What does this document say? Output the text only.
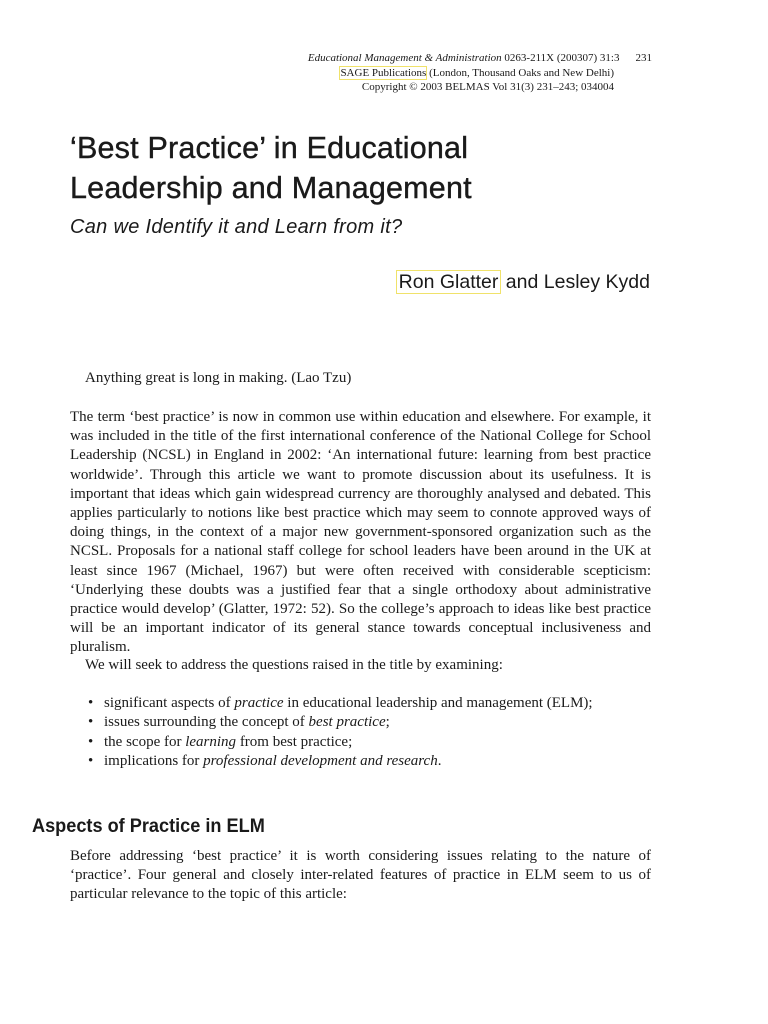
Educational Management & Administration 0263-211X (200307) 31:3 231
SAGE Publications (London, Thousand Oaks and New Delhi)
Copyright © 2003 BELMAS Vol 31(3) 231–243; 034004
‘Best Practice’ in Educational
Leadership and Management
Can we Identify it and Learn from it?
Ron Glatter and Lesley Kydd
Anything great is long in making. (Lao Tzu)

The term ‘best practice’ is now in common use within education and elsewhere. For example, it was included in the title of the first international conference of the National College for School Leadership (NCSL) in England in 2002: ‘An international future: learning from best practice worldwide’. Through this article we want to promote discussion about its usefulness. It is important that ideas which gain widespread currency are thoroughly analysed and debated. This applies particularly to notions like best practice which may seem to connote approved ways of doing things, in the context of a major new government-sponsored organization such as the NCSL. Proposals for a national staff college for school leaders have been around in the UK at least since 1967 (Michael, 1967) but were often received with considerable scepticism: ‘Underlying these doubts was a justified fear that a single orthodoxy about administrative practice would develop’ (Glatter, 1972: 52). So the college’s approach to ideas like best practice will be an important indicator of its general stance towards conceptual inclusiveness and pluralism.

We will seek to address the questions raised in the title by examining:

• significant aspects of practice in educational leadership and management (ELM);
• issues surrounding the concept of best practice;
• the scope for learning from best practice;
• implications for professional development and research.
Aspects of Practice in ELM

Before addressing ‘best practice’ it is worth considering issues relating to the nature of ‘practice’. Four general and closely inter-related features of practice in ELM seem to us of particular relevance to the topic of this article:
